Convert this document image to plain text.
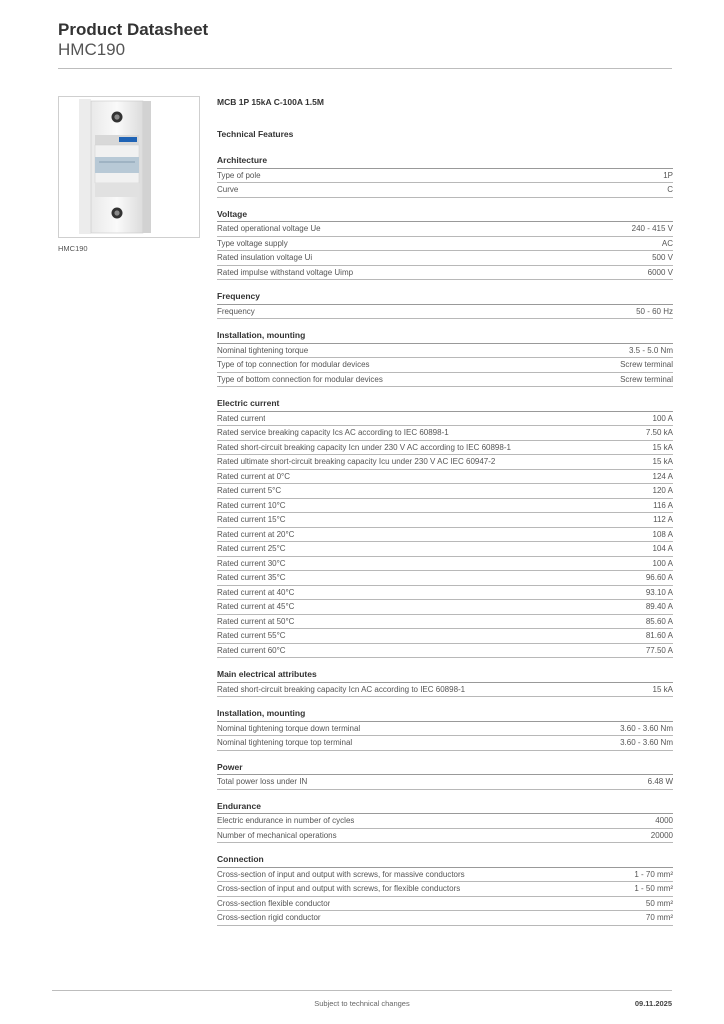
Product Datasheet
HMC190
HMC190
MCB 1P 15kA C-100A 1.5M
Technical Features
Architecture
Type of pole	1P
Curve	C
Voltage
Rated operational voltage Ue	240 - 415 V
Type voltage supply	AC
Rated insulation voltage Ui	500 V
Rated impulse withstand voltage Uimp	6000 V
Frequency
Frequency	50 - 60 Hz
Installation, mounting
Nominal tightening torque	3.5 - 5.0 Nm
Type of top connection for modular devices	Screw terminal
Type of bottom connection for modular devices	Screw terminal
Electric current
Rated current	100 A
Rated service breaking capacity Ics AC according to IEC 60898-1	7.50 kA
Rated short-circuit breaking capacity Icn under 230 V AC according to IEC 60898-1	15 kA
Rated ultimate short-circuit breaking capacity Icu under 230 V AC IEC 60947-2	15 kA
Rated current at 0°C	124 A
Rated current 5°C	120 A
Rated current 10°C	116 A
Rated current 15°C	112 A
Rated current at 20°C	108 A
Rated current 25°C	104 A
Rated current 30°C	100 A
Rated current 35°C	96.60 A
Rated current at 40°C	93.10 A
Rated current at 45°C	89.40 A
Rated current at 50°C	85.60 A
Rated current 55°C	81.60 A
Rated current 60°C	77.50 A
Main electrical attributes
Rated short-circuit breaking capacity Icn AC according to IEC 60898-1	15 kA
Installation, mounting
Nominal tightening torque down terminal	3.60 - 3.60 Nm
Nominal tightening torque top terminal	3.60 - 3.60 Nm
Power
Total power loss under IN	6.48 W
Endurance
Electric endurance in number of cycles	4000
Number of mechanical operations	20000
Connection
Cross-section of input and output with screws, for massive conductors	1 - 70 mm²
Cross-section of input and output with screws, for flexible conductors	1 - 50 mm²
Cross-section flexible conductor	50 mm²
Cross-section rigid conductor	70 mm²
Subject to technical changes	09.11.2025
